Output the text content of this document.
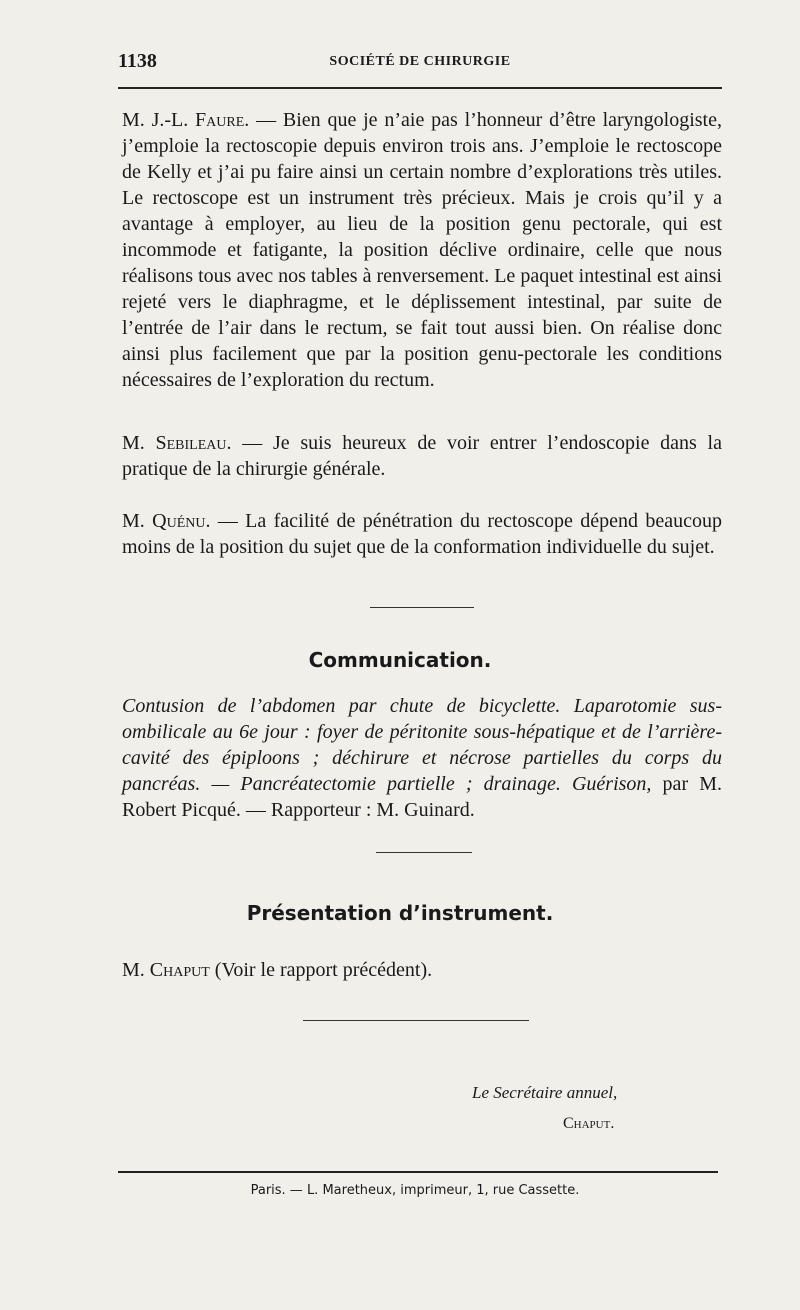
1138	SOCIÉTÉ DE CHIRURGIE

M. J.-L. Faure. — Bien que je n’aie pas l’honneur d’être laryngologiste, j’emploie la rectoscopie depuis environ trois ans. J’emploie le rectoscope de Kelly et j’ai pu faire ainsi un certain nombre d’explorations très utiles. Le rectoscope est un instrument très précieux. Mais je crois qu’il y a avantage à employer, au lieu de la position genu pectorale, qui est incommode et fatigante, la position déclive ordinaire, celle que nous réalisons tous avec nos tables à renversement. Le paquet intestinal est ainsi rejeté vers le diaphragme, et le déplissement intestinal, par suite de l’entrée de l’air dans le rectum, se fait tout aussi bien. On réalise donc ainsi plus facilement que par la position genu-pectorale les conditions nécessaires de l’exploration du rectum.

M. Sebileau. — Je suis heureux de voir entrer l’endoscopie dans la pratique de la chirurgie générale.

M. Quénu. — La facilité de pénétration du rectoscope dépend beaucoup moins de la position du sujet que de la conformation individuelle du sujet.

Communication.

Contusion de l’abdomen par chute de bicyclette. Laparotomie sus-ombilicale au 6e jour : foyer de péritonite sous-hépatique et de l’arrière-cavité des épiploons ; déchirure et nécrose partielles du corps du pancréas. — Pancréatectomie partielle ; drainage. Guérison, par M. Robert Picqué. — Rapporteur : M. Guinard.

Présentation d’instrument.

M. Chaput (Voir le rapport précédent).

Le Secrétaire annuel,
Chaput.
Paris. — L. Maretheux, imprimeur, 1, rue Cassette.
